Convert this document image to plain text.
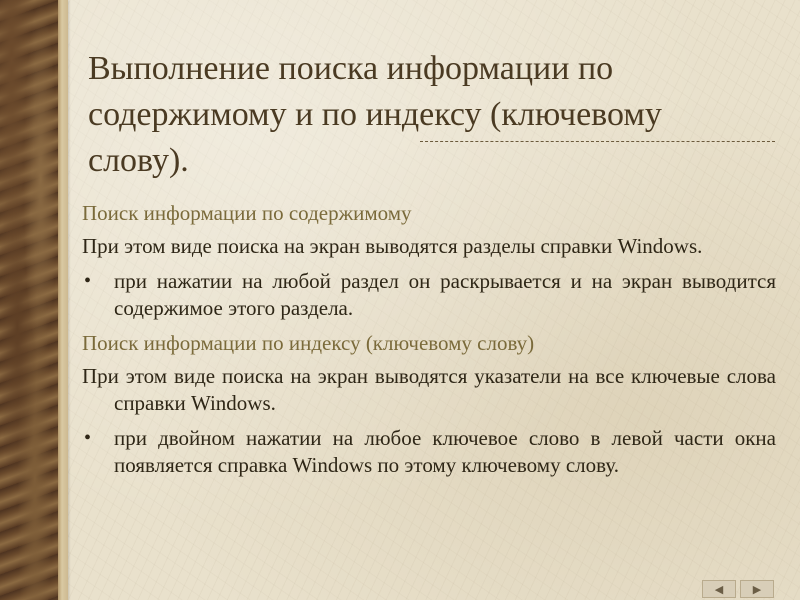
Выполнение поиска информации по содержимому и по индексу (ключевому слову).
Поиск информации по содержимому
При этом виде поиска на экран выводятся разделы справки Windows.
• при нажатии на любой раздел он раскрывается и на экран выводится содержимое этого раздела.
Поиск информации по индексу (ключевому слову)
При этом виде поиска на экран выводятся указатели на все ключевые слова справки Windows.
• при двойном нажатии на любое ключевое слово в левой части окна появляется справка Windows по этому ключевому слову.
◀	▶
